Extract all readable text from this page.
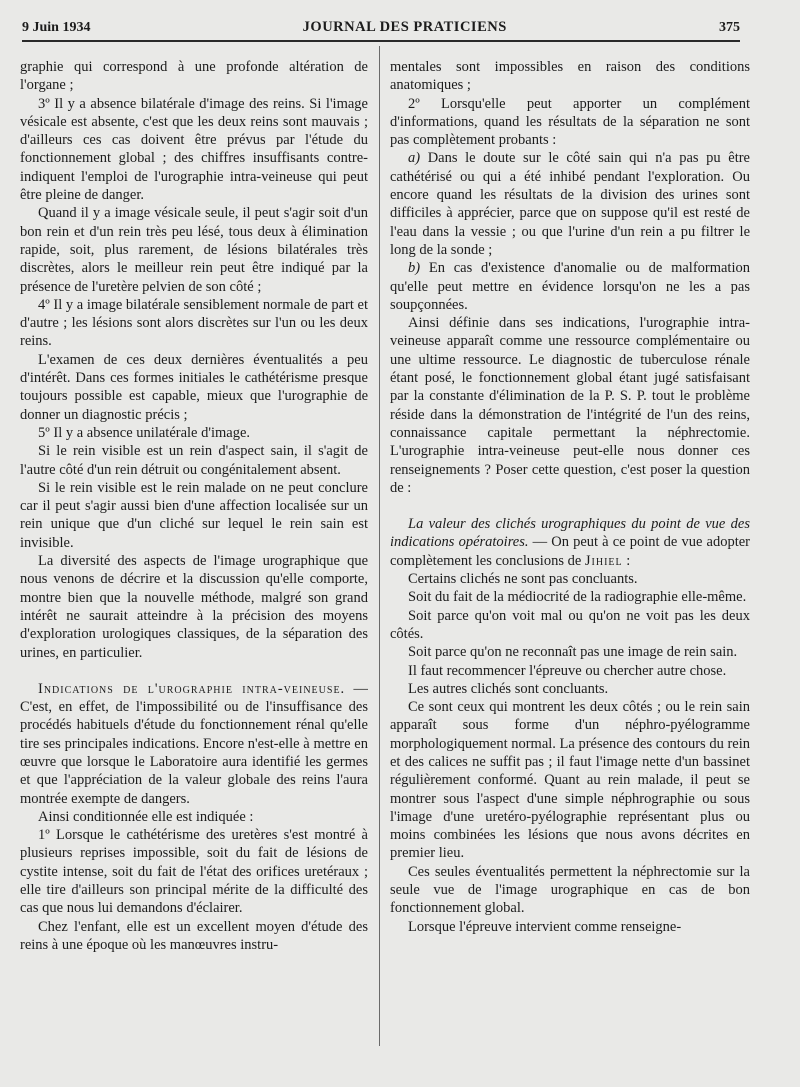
9 Juin 1934	JOURNAL DES PRATICIENS	375

graphie qui correspond à une profonde altération de l'organe ;

3º Il y a absence bilatérale d'image des reins. Si l'image vésicale est absente, c'est que les deux reins sont mauvais ; d'ailleurs ces cas doivent être prévus par l'étude du fonctionnement global ; des chiffres insuffisants contre-indiquent l'emploi de l'urographie intra-veineuse qui peut être pleine de danger.

Quand il y a image vésicale seule, il peut s'agir soit d'un bon rein et d'un rein très peu lésé, tous deux à élimination rapide, soit, plus rarement, de lésions bilatérales très discrètes, alors le meilleur rein peut être indiqué par la présence de l'uretère pelvien de son côté ;

4º Il y a image bilatérale sensiblement normale de part et d'autre ; les lésions sont alors discrètes sur l'un ou les deux reins.

L'examen de ces deux dernières éventualités a peu d'intérêt. Dans ces formes initiales le cathétérisme presque toujours possible est capable, mieux que l'urographie de donner un diagnostic précis ;

5º Il y a absence unilatérale d'image.

Si le rein visible est un rein d'aspect sain, il s'agit de l'autre côté d'un rein détruit ou congénitalement absent.

Si le rein visible est le rein malade on ne peut conclure car il peut s'agir aussi bien d'une affection localisée sur un rein unique que d'un cliché sur lequel le rein sain est invisible.

La diversité des aspects de l'image urographique que nous venons de décrire et la discussion qu'elle comporte, montre bien que la nouvelle méthode, malgré son grand intérêt ne saurait atteindre à la précision des moyens d'exploration urologiques classiques, de la séparation des urines, en particulier.

Indications de l'urographie intra-veineuse. — C'est, en effet, de l'impossibilité ou de l'insuffisance des procédés habituels d'étude du fonctionnement rénal qu'elle tire ses principales indications. Encore n'est-elle à mettre en œuvre que lorsque le Laboratoire aura identifié les germes et que l'appréciation de la valeur globale des reins l'aura montrée exempte de dangers.

Ainsi conditionnée elle est indiquée :

1º Lorsque le cathétérisme des uretères s'est montré à plusieurs reprises impossible, soit du fait de lésions de cystite intense, soit du fait de l'état des orifices uretéraux ; elle tire d'ailleurs son principal mérite de la difficulté des cas que nous lui demandons d'éclairer.

Chez l'enfant, elle est un excellent moyen d'étude des reins à une époque où les manœuvres instru-

mentales sont impossibles en raison des conditions anatomiques ;

2º Lorsqu'elle peut apporter un complément d'informations, quand les résultats de la séparation ne sont pas complètement probants :

a) Dans le doute sur le côté sain qui n'a pas pu être cathétérisé ou qui a été inhibé pendant l'exploration. Ou encore quand les résultats de la division des urines sont difficiles à apprécier, parce que on suppose qu'il est resté de l'eau dans la vessie ; ou que l'urine d'un rein a pu filtrer le long de la sonde ;

b) En cas d'existence d'anomalie ou de malformation qu'elle peut mettre en évidence lorsqu'on ne les a pas soupçonnées.

Ainsi définie dans ses indications, l'urographie intra-veineuse apparaît comme une ressource complémentaire ou une ultime ressource. Le diagnostic de tuberculose rénale étant posé, le fonctionnement global étant jugé satisfaisant par la constante d'élimination de la P. S. P. tout le problème réside dans la démonstration de l'intégrité de l'un des reins, connaissance capitale permettant la néphrectomie. L'urographie intra-veineuse peut-elle nous donner ces renseignements ? Poser cette question, c'est poser la question de :

La valeur des clichés urographiques du point de vue des indications opératoires. — On peut à ce point de vue adopter complètement les conclusions de Jihiel :

Certains clichés ne sont pas concluants.

Soit du fait de la médiocrité de la radiographie elle-même.

Soit parce qu'on voit mal ou qu'on ne voit pas les deux côtés.

Soit parce qu'on ne reconnaît pas une image de rein sain.

Il faut recommencer l'épreuve ou chercher autre chose.

Les autres clichés sont concluants.

Ce sont ceux qui montrent les deux côtés ; ou le rein sain apparaît sous forme d'un néphro-pyélogramme morphologiquement normal. La présence des contours du rein et des calices ne suffit pas ; il faut l'image nette d'un bassinet régulièrement conformé. Quant au rein malade, il peut se montrer sous l'aspect d'une simple néphrographie ou sous l'image d'une uretéro-pyélographie représentant plus ou moins combinées les lésions que nous avons décrites en premier lieu.

Ces seules éventualités permettent la néphrectomie sur la seule vue de l'image urographique en cas de bon fonctionnement global.

Lorsque l'épreuve intervient comme renseigne-
